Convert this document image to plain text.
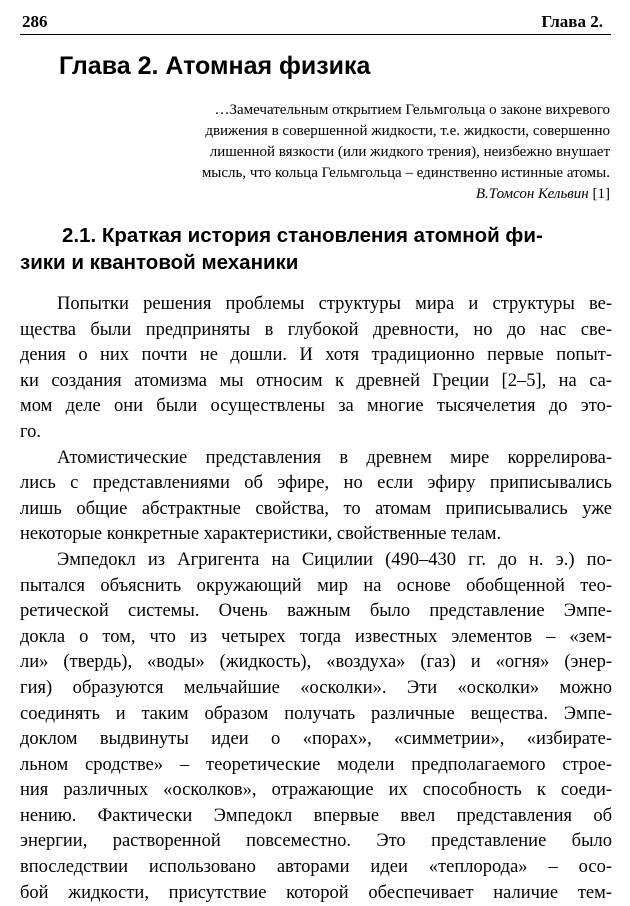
286	Глава 2.
Глава 2. Атомная физика
…Замечательным открытием Гельмгольца о законе вихревого
движения в совершенной жидкости, т.е. жидкости, совершенно
лишенной вязкости (или жидкого трения), неизбежно внушает
мысль, что кольца Гельмгольца – единственно истинные атомы.
В.Томсон Кельвин [1]
2.1. Краткая история становления атомной фи-
зики и квантовой механики
Попытки решения проблемы структуры мира и структуры ве-
щества были предприняты в глубокой древности, но до нас све-
дения о них почти не дошли. И хотя традиционно первые попыт-
ки создания атомизма мы относим к древней Греции [2–5], на са-
мом деле они были осуществлены за многие тысячелетия до это-
го.
Атомистические представления в древнем мире коррелирова-
лись с представлениями об эфире, но если эфиру приписывались
лишь общие абстрактные свойства, то атомам приписывались уже
некоторые конкретные характеристики, свойственные телам.
Эмпедокл из Агригента на Сицилии (490–430 гг. до н. э.) по-
пытался объяснить окружающий мир на основе обобщенной тео-
ретической системы. Очень важным было представление Эмпе-
докла о том, что из четырех тогда известных элементов – «зем-
ли» (твердь), «воды» (жидкость), «воздуха» (газ) и «огня» (энер-
гия) образуются мельчайшие «осколки». Эти «осколки» можно
соединять и таким образом получать различные вещества. Эмпе-
доклом выдвинуты идеи о «порах», «симметрии», «избирате-
льном сродстве» – теоретические модели предполагаемого строе-
ния различных «осколков», отражающие их способность к соеди-
нению. Фактически Эмпедокл впервые ввел представления об
энергии, растворенной повсеместно. Это представление было
впоследствии использовано авторами идеи «теплорода» – осо-
бой жидкости, присутствие которой обеспечивает наличие тем-
